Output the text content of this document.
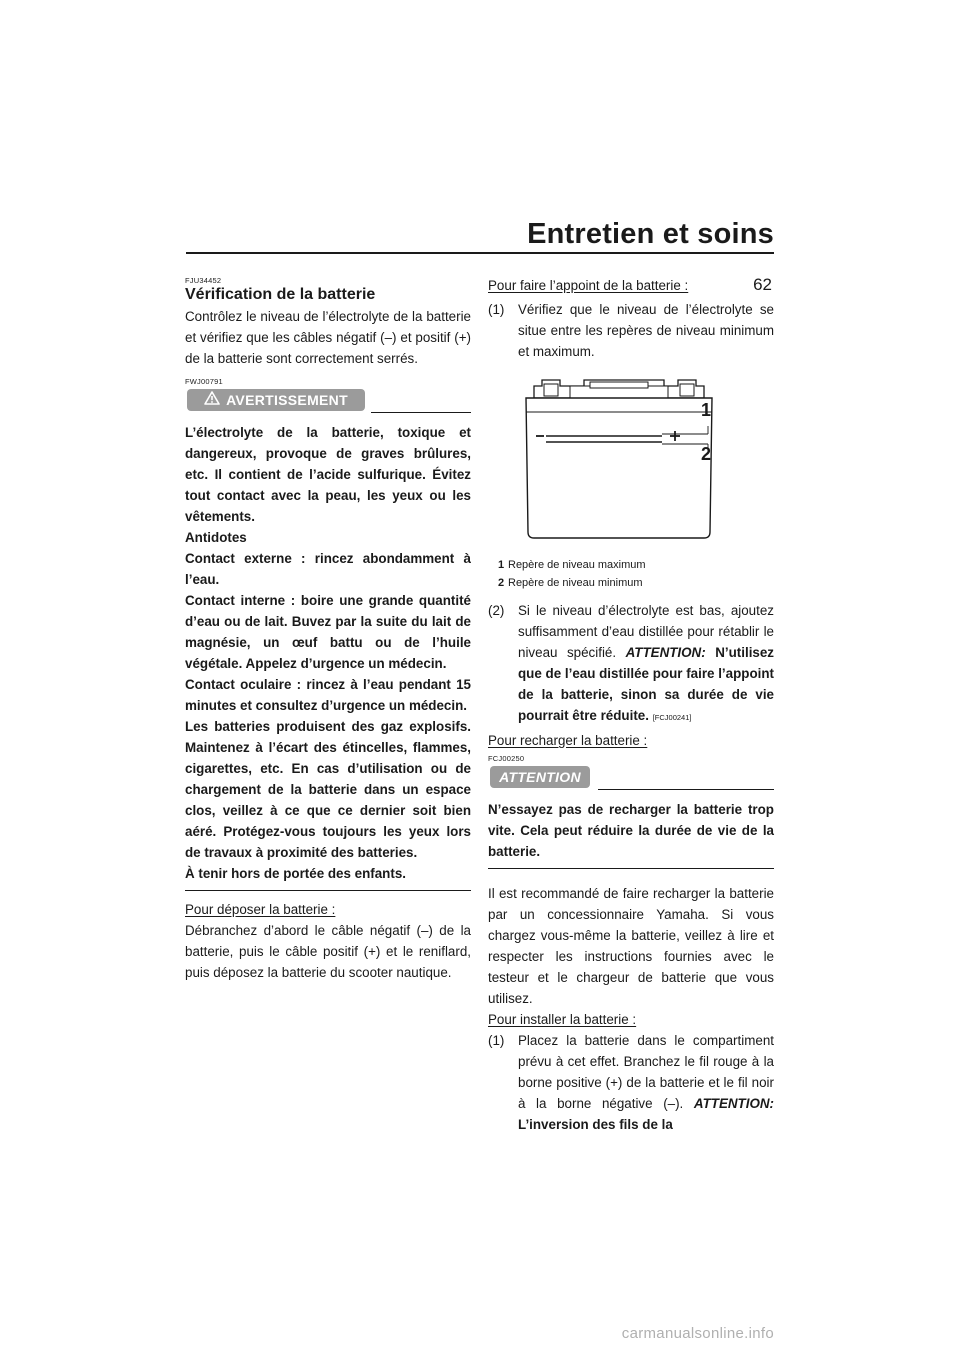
Entretien et soins
62
FJU34452
Vérification de la batterie

Contrôlez le niveau de l’électrolyte de la batterie et vérifiez que les câbles négatif (–) et positif (+) de la batterie sont correctement serrés.

FWJ00791
AVERTISSEMENT

L’électrolyte de la batterie, toxique et dangereux, provoque de graves brûlures, etc. Il contient de l’acide sulfurique. Évitez tout contact avec la peau, les yeux ou les vêtements.

Antidotes

Contact externe : rincez abondamment à l’eau.

Contact interne : boire une grande quantité d’eau ou de lait. Buvez par la suite du lait de magnésie, un œuf battu ou de l’huile végétale. Appelez d’urgence un médecin.

Contact oculaire : rincez à l’eau pendant 15 minutes et consultez d’urgence un médecin.

Les batteries produisent des gaz explosifs. Maintenez à l’écart des étincelles, flammes, cigarettes, etc. En cas d’utilisation ou de chargement de la batterie dans un espace clos, veillez à ce que ce dernier soit bien aéré. Protégez-vous toujours les yeux lors de travaux à proximité des batteries.

À tenir hors de portée des enfants.

Pour déposer la batterie :

Débranchez d’abord le câble négatif (–) de la batterie, puis le câble positif (+) et le reniflard, puis déposez la batterie du scooter nautique.

Pour faire l’appoint de la batterie :

(1)	Vérifiez que le niveau de l’électrolyte se situe entre les repères de niveau minimum et maximum.
1
2
1 Repère de niveau maximum
2 Repère de niveau minimum
(2)	Si le niveau d’électrolyte est bas, ajoutez suffisamment d’eau distillée pour rétablir le niveau spécifié. ATTENTION: N’utilisez que de l’eau distillée pour faire l’appoint de la batterie, sinon sa durée de vie pourrait être réduite. [FCJ00241]

Pour recharger la batterie :

FCJ00250
ATTENTION

N’essayez pas de recharger la batterie trop vite. Cela peut réduire la durée de vie de la batterie.

Il est recommandé de faire recharger la batterie par un concessionnaire Yamaha. Si vous chargez vous-même la batterie, veillez à lire et respecter les instructions fournies avec le testeur et le chargeur de batterie que vous utilisez.

Pour installer la batterie :

(1)	Placez la batterie dans le compartiment prévu à cet effet. Branchez le fil rouge à la borne positive (+) de la batterie et le fil noir à la borne négative (–). ATTENTION: L’inversion des fils de la
carmanualsonline.info
